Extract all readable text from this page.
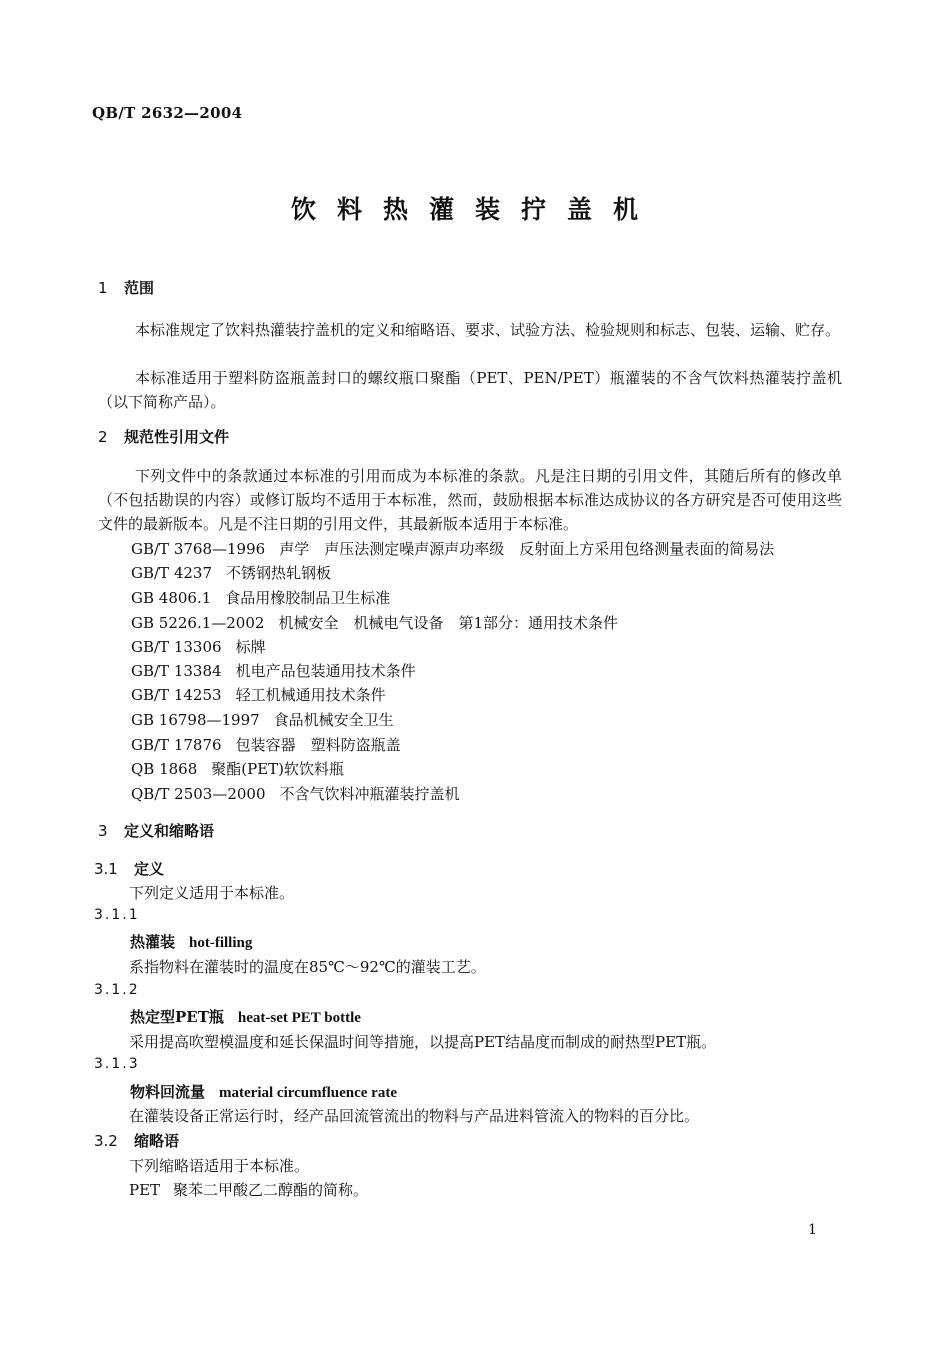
QB/T 2632—2004
饮料热灌装拧盖机
1 范围
本标准规定了饮料热灌装拧盖机的定义和缩略语、要求、试验方法、检验规则和标志、包装、运输、贮存。
本标准适用于塑料防盗瓶盖封口的螺纹瓶口聚酯（PET、PEN/PET）瓶灌装的不含气饮料热灌装拧盖机（以下简称产品）。
2 规范性引用文件
下列文件中的条款通过本标准的引用而成为本标准的条款。凡是注日期的引用文件，其随后所有的修改单（不包括勘误的内容）或修订版均不适用于本标准，然而，鼓励根据本标准达成协议的各方研究是否可使用这些文件的最新版本。凡是不注日期的引用文件，其最新版本适用于本标准。
GB/T 3768—1996 声学　声压法测定噪声源声功率级　反射面上方采用包络测量表面的简易法
GB/T 4237 不锈钢热轧钢板
GB 4806.1 食品用橡胶制品卫生标准
GB 5226.1—2002 机械安全　机械电气设备　第1部分：通用技术条件
GB/T 13306 标牌
GB/T 13384 机电产品包装通用技术条件
GB/T 14253 轻工机械通用技术条件
GB 16798—1997 食品机械安全卫生
GB/T 17876 包装容器　塑料防盗瓶盖
QB 1868 聚酯(PET)软饮料瓶
QB/T 2503—2000 不含气饮料冲瓶灌装拧盖机
3 定义和缩略语
3.1 定义
下列定义适用于本标准。
3.1.1
热灌装 hot-filling
系指物料在灌装时的温度在85℃～92℃的灌装工艺。
3.1.2
热定型PET瓶 heat-set PET bottle
采用提高吹塑模温度和延长保温时间等措施，以提高PET结晶度而制成的耐热型PET瓶。
3.1.3
物料回流量 material circumfluence rate
在灌装设备正常运行时，经产品回流管流出的物料与产品进料管流入的物料的百分比。
3.2 缩略语
下列缩略语适用于本标准。
PET 聚苯二甲酸乙二醇酯的简称。
1
